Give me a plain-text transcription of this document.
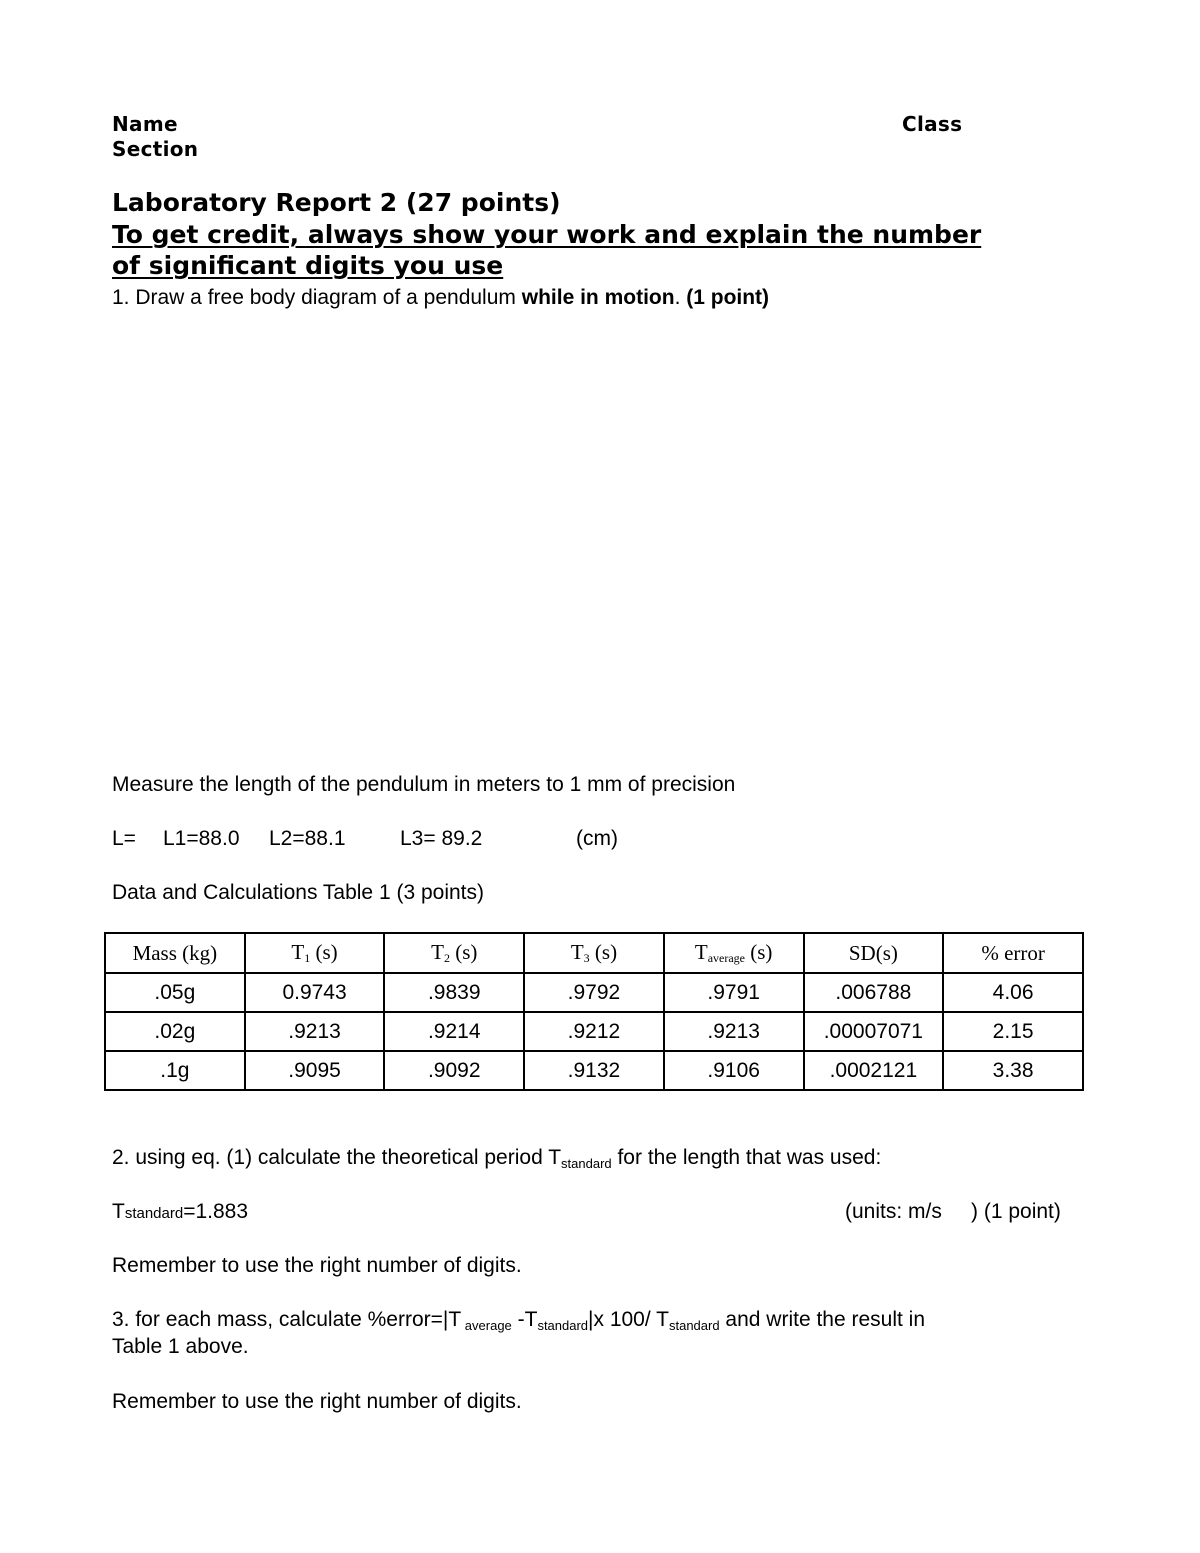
Name	Class
Section
Laboratory Report 2 (27 points)
To get credit, always show your work and explain the number
of significant digits you use
1. Draw a free body diagram of a pendulum while in motion. (1 point)
Measure the length of the pendulum in meters to 1 mm of precision
L= L1=88.0 L2=88.1	L3= 89.2	(cm)
Data and Calculations Table 1 (3 points)
Mass (kg)	T1 (s)	T2 (s)	T3 (s)	Taverage (s)	SD(s)	% error
.05g	0.9743	.9839	.9792	.9791	.006788	4.06
.02g	.9213	.9214	.9212	.9213	.00007071	2.15
.1g	.9095	.9092	.9132	.9106	.0002121	3.38
2. using eq. (1) calculate the theoretical period $T_{standard}$ for the length that was used:
Tstandard=1.883	(units: m/s     ) (1 point)
Remember to use the right number of digits.
3. for each mass, calculate %error=|T $_{average}$ $-T_{standard}|x$ 100/ $T_{standard}$ and write the result in
Table 1 above.
Remember to use the right number of digits.
